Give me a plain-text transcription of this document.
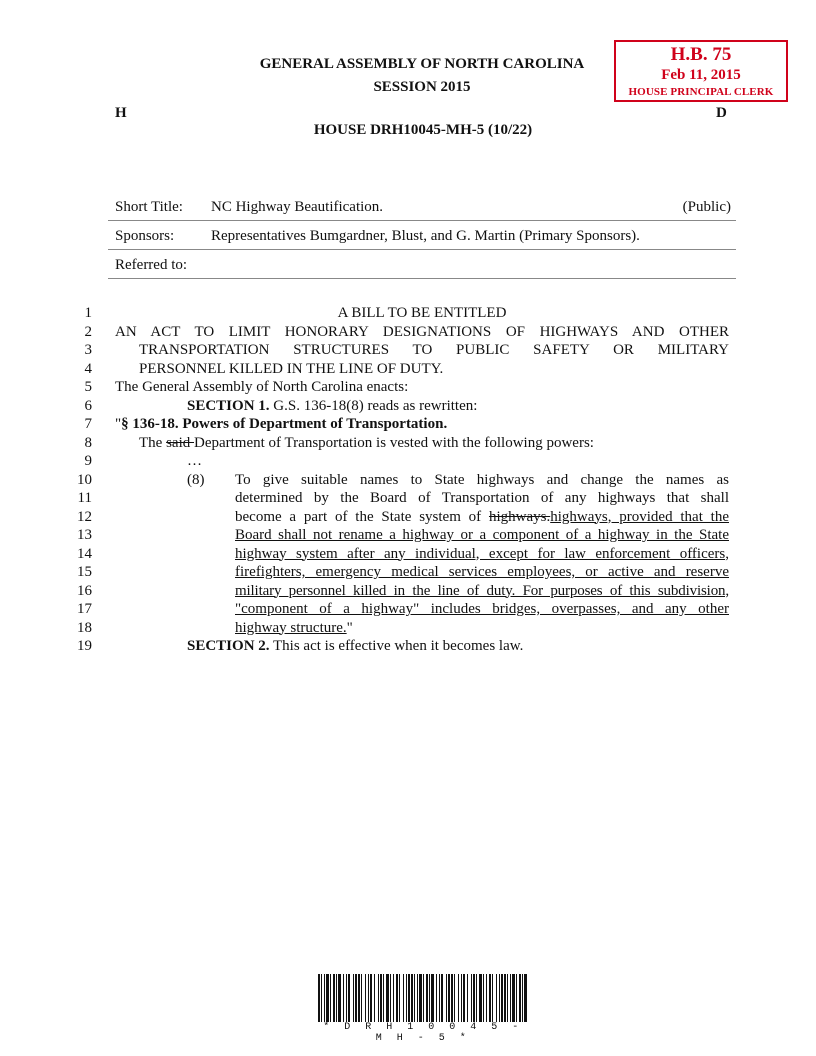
GENERAL ASSEMBLY OF NORTH CAROLINA
SESSION 2015
H.B. 75
Feb 11, 2015
HOUSE PRINCIPAL CLERK
H	D
HOUSE DRH10045-MH-5 (10/22)
Short Title: NC Highway Beautification.	(Public)
Sponsors: Representatives Bumgardner, Blust, and G. Martin (Primary Sponsors).
Referred to:
1
2
3
4
5
6
7
8
9
10
11
12
13
14
15
16
17
18
19
A BILL TO BE ENTITLED
AN ACT TO LIMIT HONORARY DESIGNATIONS OF HIGHWAYS AND OTHER
TRANSPORTATION STRUCTURES TO PUBLIC SAFETY OR MILITARY
PERSONNEL KILLED IN THE LINE OF DUTY.
The General Assembly of North Carolina enacts:
SECTION 1. G.S. 136-18(8) reads as rewritten:
"§ 136-18. Powers of Department of Transportation.
The said Department of Transportation is vested with the following powers:
…
(8) To give suitable names to State highways and change the names as
determined by the Board of Transportation of any highways that shall
become a part of the State system of highways.highways, provided that the
Board shall not rename a highway or a component of a highway in the State
highway system after any individual, except for law enforcement officers,
firefighters, emergency medical services employees, or active and reserve
military personnel killed in the line of duty. For purposes of this subdivision,
"component of a highway" includes bridges, overpasses, and any other
highway structure."
SECTION 2. This act is effective when it becomes law.
* D R H 1 0 0 4 5 - M H - 5 *
